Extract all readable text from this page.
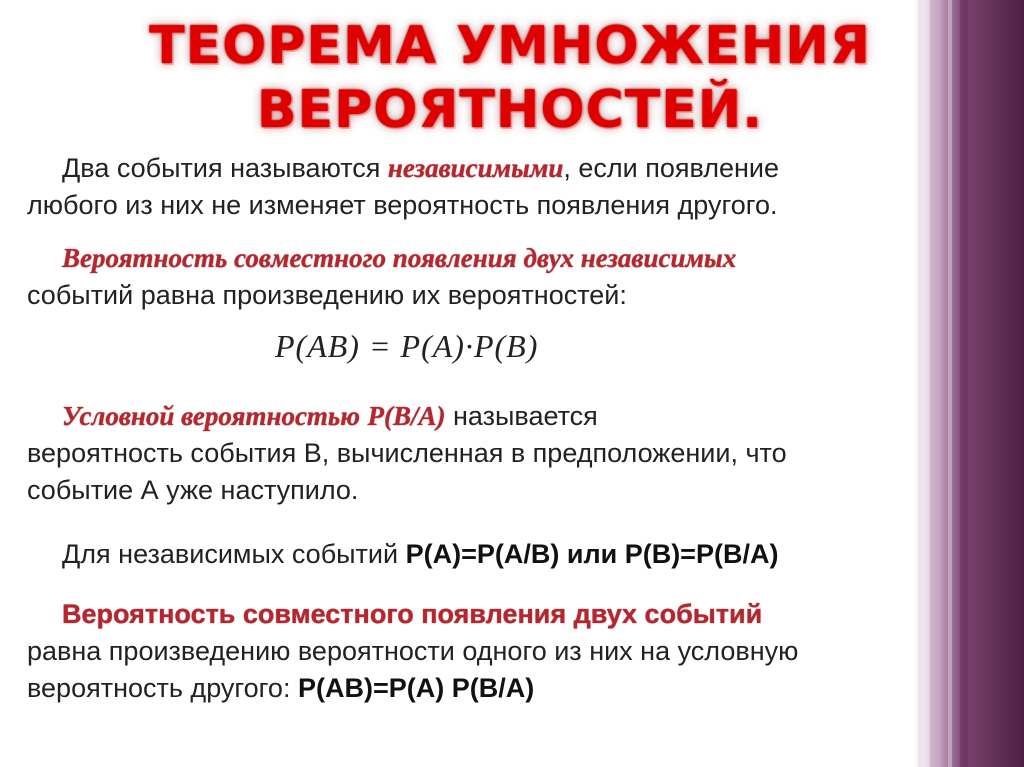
ТЕОРЕМА УМНОЖЕНИЯ
ВЕРОЯТНОСТЕЙ.
Два события называются независимыми, если появление
любого из них не изменяет вероятность появления другого.
Вероятность совместного появления двух независимых
событий равна произведению их вероятностей:
P(AB) = P(A)·P(B)
Условной вероятностью P(B/A) называется
вероятность события В, вычисленная в предположении, что
событие А уже наступило.
Для независимых событий P(A)=P(A/B) или P(B)=P(B/A)
Вероятность совместного появления двух событий
равна произведению вероятности одного из них на условную
вероятность другого: P(AB)=P(A) P(B/A)
